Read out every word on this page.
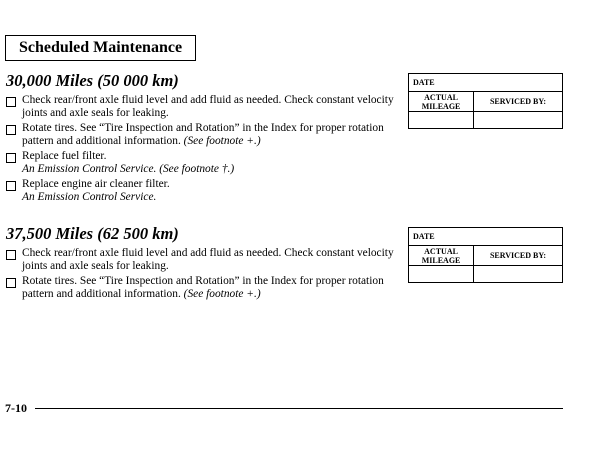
Scheduled Maintenance
30,000 Miles (50 000 km)
Check rear/front axle fluid level and add fluid as needed. Check constant velocity joints and axle seals for leaking.
Rotate tires. See “Tire Inspection and Rotation” in the Index for proper rotation pattern and additional information. (See footnote +.)
Replace fuel filter.
An Emission Control Service. (See footnote †.)
Replace engine air cleaner filter.
An Emission Control Service.
DATE	
ACTUAL
MILEAGE	SERVICED BY:

37,500 Miles (62 500 km)
Check rear/front axle fluid level and add fluid as needed. Check constant velocity joints and axle seals for leaking.
Rotate tires. See “Tire Inspection and Rotation” in the Index for proper rotation pattern and additional information. (See footnote +.)
DATE	
ACTUAL
MILEAGE	SERVICED BY:

7-10
